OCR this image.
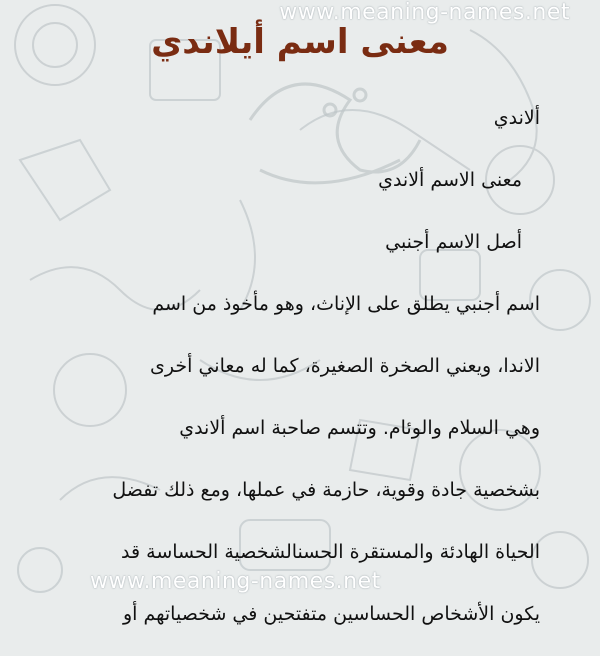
www.meaning-names.net
معنى اسم أيلاندي
ألاندي
معنى الاسم ألاندي
أصل الاسم أجنبي
اسم أجنبي يطلق على الإناث، وهو مأخوذ من اسم
الاندا، ويعني الصخرة الصغيرة، كما له معاني أخرى
وهي السلام والوئام. وتتسم صاحبة اسم ألاندي
بشخصية جادة وقوية، حازمة في عملها، ومع ذلك تفضل
الحياة الهادئة والمستقرة الحسنالشخصية الحساسة قد
يكون الأشخاص الحساسين متفتحين في شخصياتهم أو
www.meaning-names.net
